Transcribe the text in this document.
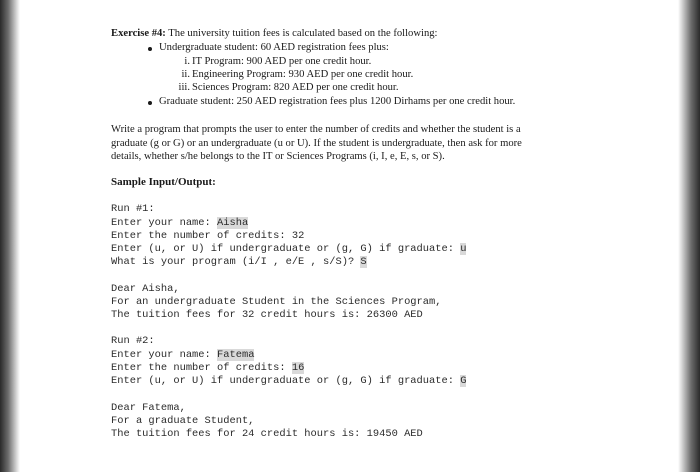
Exercise #4: The university tuition fees is calculated based on the following:
Undergraduate student: 60 AED registration fees plus:
i. IT Program: 900 AED per one credit hour.
ii. Engineering Program: 930 AED per one credit hour.
iii. Sciences Program: 820 AED per one credit hour.
Graduate student: 250 AED registration fees plus 1200 Dirhams per one credit hour.
Write a program that prompts the user to enter the number of credits and whether the student is a
graduate (g or G) or an undergraduate (u or U). If the student is undergraduate, then ask for more
details, whether s/he belongs to the IT or Sciences Programs (i, I, e, E, s, or S).
Sample Input/Output:
Run #1:
Enter your name: Aisha
Enter the number of credits: 32
Enter (u, or U) if undergraduate or (g, G) if graduate: u
What is your program (i/I , e/E , s/S)? S
Dear Aisha,
For an undergraduate Student in the Sciences Program,
The tuition fees for 32 credit hours is: 26300 AED
Run #2:
Enter your name: Fatema
Enter the number of credits: 16
Enter (u, or U) if undergraduate or (g, G) if graduate: G
Dear Fatema,
For a graduate Student,
The tuition fees for 24 credit hours is: 19450 AED
